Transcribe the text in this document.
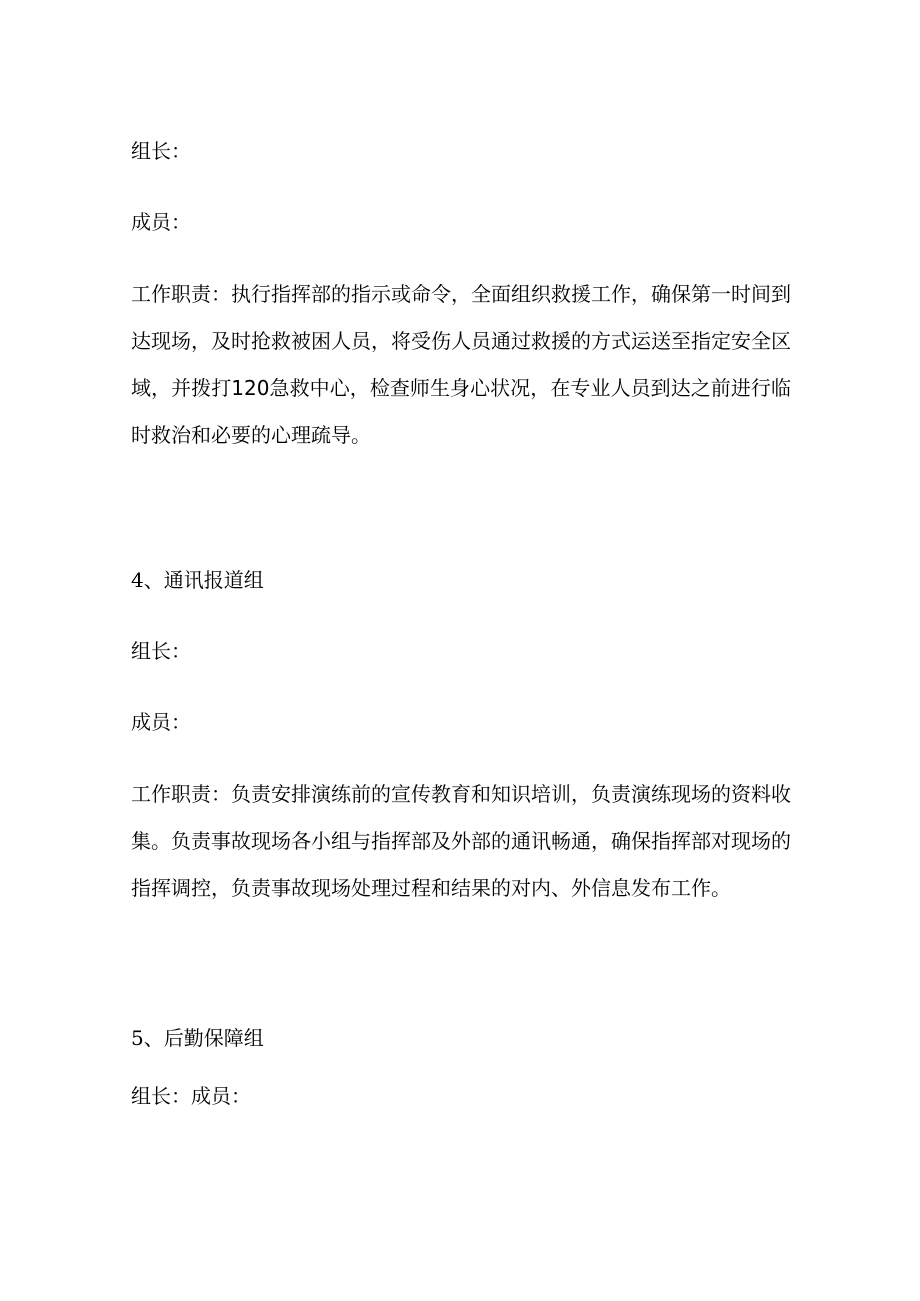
组长：
成员：
工作职责：执行指挥部的指示或命令，全面组织救援工作，确保第一时间到达现场，及时抢救被困人员，将受伤人员通过救援的方式运送至指定安全区域，并拨打120急救中心，检查师生身心状况，在专业人员到达之前进行临时救治和必要的心理疏导。
4、通讯报道组
组长：
成员：
工作职责：负责安排演练前的宣传教育和知识培训，负责演练现场的资料收集。负责事故现场各小组与指挥部及外部的通讯畅通，确保指挥部对现场的指挥调控，负责事故现场处理过程和结果的对内、外信息发布工作。
5、后勤保障组
组长：成员：
